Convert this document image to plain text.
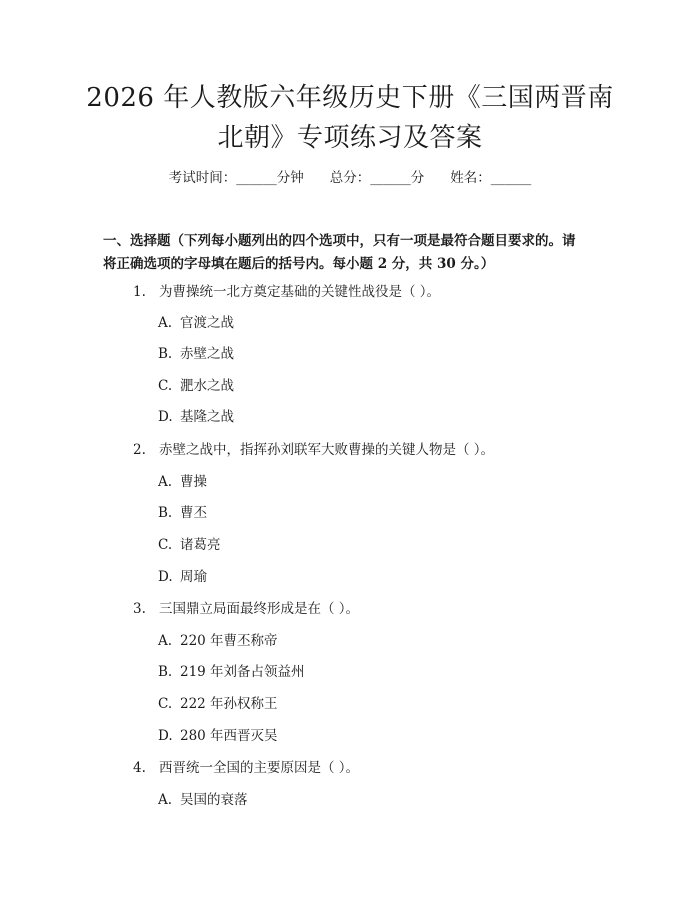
2026 年人教版六年级历史下册《三国两晋南
北朝》专项练习及答案
考试时间：______分钟 总分：______分 姓名：______
一、选择题（下列每小题列出的四个选项中，只有一项是最符合题目要求的。请
将正确选项的字母填在题后的括号内。每小题 2 分，共 30 分。）
1. 为曹操统一北方奠定基础的关键性战役是（ ）。
A. 官渡之战
B. 赤壁之战
C. 淝水之战
D. 基隆之战
2. 赤壁之战中，指挥孙刘联军大败曹操的关键人物是（ ）。
A. 曹操
B. 曹丕
C. 诸葛亮
D. 周瑜
3. 三国鼎立局面最终形成是在（ ）。
A. 220 年曹丕称帝
B. 219 年刘备占领益州
C. 222 年孙权称王
D. 280 年西晋灭吴
4. 西晋统一全国的主要原因是（ ）。
A. 吴国的衰落
